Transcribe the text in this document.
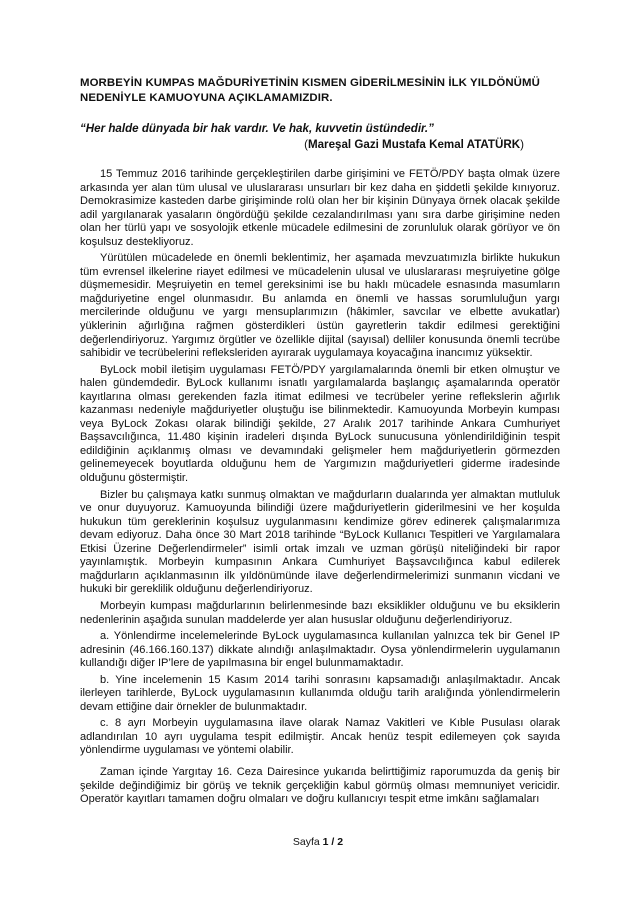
MORBEYİN KUMPAS MAĞDURİYETİNİN KISMEN GİDERİLMESİNİN İLK YILDÖNÜMÜ NEDENİYLE KAMUOYUNA AÇIKLAMAMIZDIR.
“Her halde dünyada bir hak vardır. Ve hak, kuvvetin üstündedir.”
(Mareşal Gazi Mustafa Kemal ATATÜRK)

15 Temmuz 2016 tarihinde gerçekleştirilen darbe girişimini ve FETÖ/PDY başta olmak üzere arkasında yer alan tüm ulusal ve uluslararası unsurları bir kez daha en şiddetli şekilde kınıyoruz. Demokrasimize kasteden darbe girişiminde rolü olan her bir kişinin Dünyaya örnek olacak şekilde adil yargılanarak yasaların öngördüğü şekilde cezalandırılması yanı sıra darbe girişimine neden olan her türlü yapı ve sosyolojik etkenle mücadele edilmesini de zorunluluk olarak görüyor ve ön koşulsuz destekliyoruz.

Yürütülen mücadelede en önemli beklentimiz, her aşamada mevzuatımızla birlikte hukukun tüm evrensel ilkelerine riayet edilmesi ve mücadelenin ulusal ve uluslararası meşruiyetine gölge düşmemesidir. Meşruiyetin en temel gereksinimi ise bu haklı mücadele esnasında masumların mağduriyetine engel olunmasıdır. Bu anlamda en önemli ve hassas sorumluluğun yargı mercilerinde olduğunu ve yargı mensuplarımızın (hâkimler, savcılar ve elbette avukatlar) yüklerinin ağırlığına rağmen gösterdikleri üstün gayretlerin takdir edilmesi gerektiğini değerlendiriyoruz. Yargımız örgütler ve özellikle dijital (sayısal) delliler konusunda önemli tecrübe sahibidir ve tecrübelerini refleksleriden ayırarak uygulamaya koyacağına inancımız yüksektir.

ByLock mobil iletişim uygulaması FETÖ/PDY yargılamalarında önemli bir etken olmuştur ve halen gündemdedir. ByLock kullanımı isnatlı yargılamalarda başlangıç aşamalarında operatör kayıtlarına olması gerekenden fazla itimat edilmesi ve tecrübeler yerine reflekslerin ağırlık kazanması nedeniyle mağduriyetler oluştuğu ise bilinmektedir. Kamuoyunda Morbeyin kumpası veya ByLock Zokası olarak bilindiği şekilde, 27 Aralık 2017 tarihinde Ankara Cumhuriyet Başsavcılığınca, 11.480 kişinin iradeleri dışında ByLock sunucusuna yönlendirildiğinin tespit edildiğinin açıklanmış olması ve devamındaki gelişmeler hem mağduriyetlerin görmezden gelinemeyecek boyutlarda olduğunu hem de Yargımızın mağduriyetleri giderme iradesinde olduğunu göstermiştir.

Bizler bu çalışmaya katkı sunmuş olmaktan ve mağdurların dualarında yer almaktan mutluluk ve onur duyuyoruz. Kamuoyunda bilindiği üzere mağduriyetlerin giderilmesini ve her koşulda hukukun tüm gereklerinin koşulsuz uygulanmasını kendimize görev edinerek çalışmalarımıza devam ediyoruz. Daha önce 30 Mart 2018 tarihinde “ByLock Kullanıcı Tespitleri ve Yargılamalara Etkisi Üzerine Değerlendirmeler” isimli ortak imzalı ve uzman görüşü niteliğindeki bir rapor yayınlamıştık. Morbeyin kumpasının Ankara Cumhuriyet Başsavcılığınca kabul edilerek mağdurların açıklanmasının ilk yıldönümünde ilave değerlendirmelerimizi sunmanın vicdani ve hukuki bir gereklilik olduğunu değerlendiriyoruz.

Morbeyin kumpası mağdurlarının belirlenmesinde bazı eksiklikler olduğunu ve bu eksiklerin nedenlerinin aşağıda sunulan maddelerde yer alan hususlar olduğunu değerlendiriyoruz.

a. Yönlendirme incelemelerinde ByLock uygulamasınca kullanılan yalnızca tek bir Genel IP adresinin (46.166.160.137) dikkate alındığı anlaşılmaktadır. Oysa yönlendirmelerin uygulamanın kullandığı diğer IP’lere de yapılmasına bir engel bulunmamaktadır.

b. Yine incelemenin 15 Kasım 2014 tarihi sonrasını kapsamadığı anlaşılmaktadır. Ancak ilerleyen tarihlerde, ByLock uygulamasının kullanımda olduğu tarih aralığında yönlendirmelerin devam ettiğine dair örnekler de bulunmaktadır.

c. 8 ayrı Morbeyin uygulamasına ilave olarak Namaz Vakitleri ve Kıble Pusulası olarak adlandırılan 10 ayrı uygulama tespit edilmiştir. Ancak henüz tespit edilemeyen çok sayıda yönlendirme uygulaması ve yöntemi olabilir.

Zaman içinde Yargıtay 16. Ceza Dairesince yukarıda belirttiğimiz raporumuzda da geniş bir şekilde değindiğimiz bir görüş ve teknik gerçekliğin kabul görmüş olması memnuniyet vericidir. Operatör kayıtları tamamen doğru olmaları ve doğru kullanıcıyı tespit etme imkânı sağlamaları

Sayfa 1 / 2
